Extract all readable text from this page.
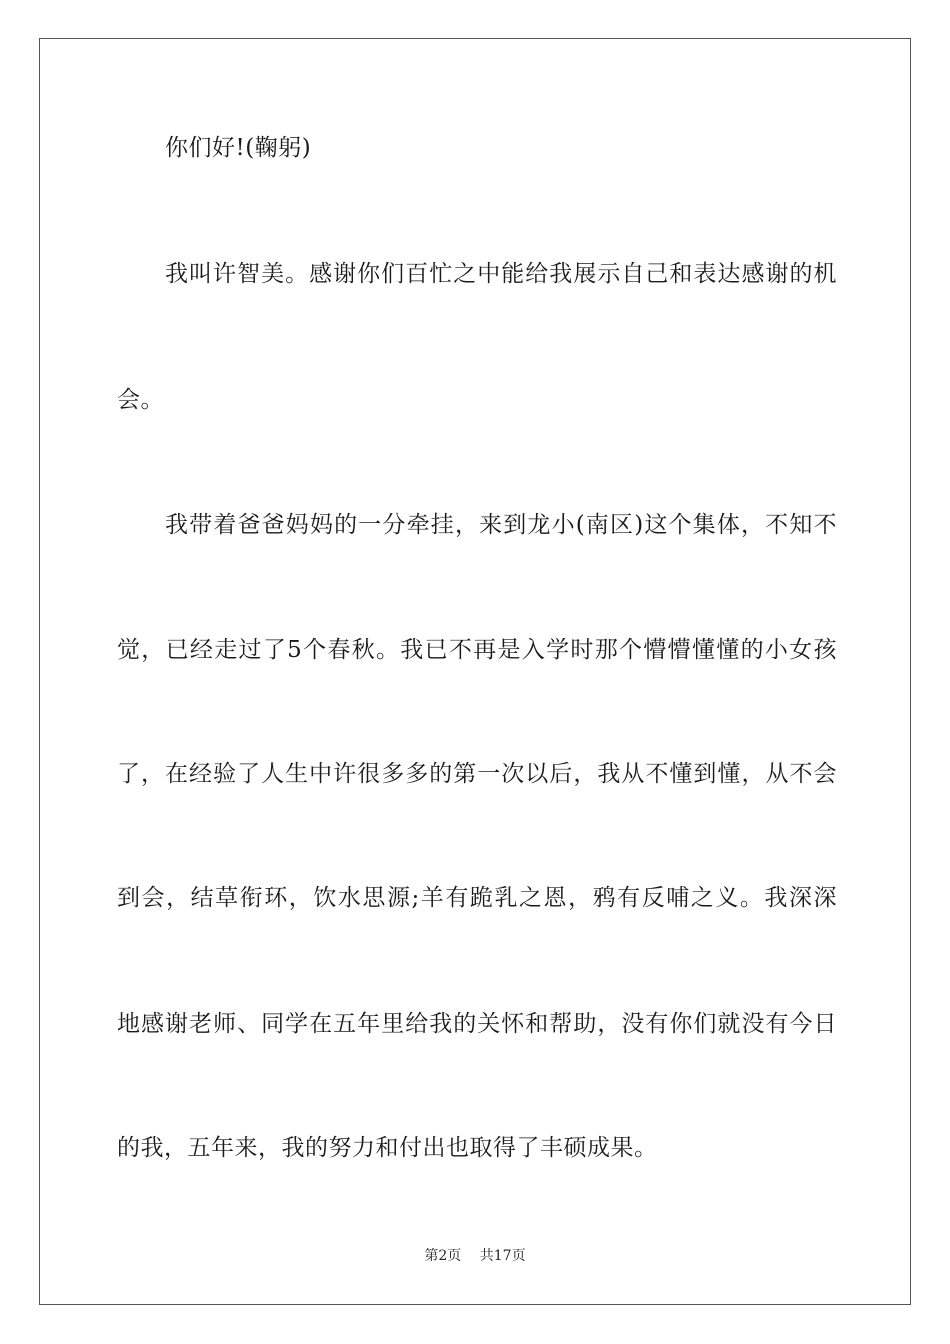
你们好!(鞠躬)
我叫许智美。感谢你们百忙之中能给我展示自己和表达感谢的机
会。
我带着爸爸妈妈的一分牵挂，来到龙小(南区)这个集体，不知不
觉，已经走过了5个春秋。我已不再是入学时那个懵懵懂懂的小女孩
了，在经验了人生中许很多多的第一次以后，我从不懂到懂，从不会
到会，结草衔环，饮水思源;羊有跪乳之恩，鸦有反哺之义。我深深
地感谢老师、同学在五年里给我的关怀和帮助，没有你们就没有今日
的我，五年来，我的努力和付出也取得了丰硕成果。
第2页 共17页
